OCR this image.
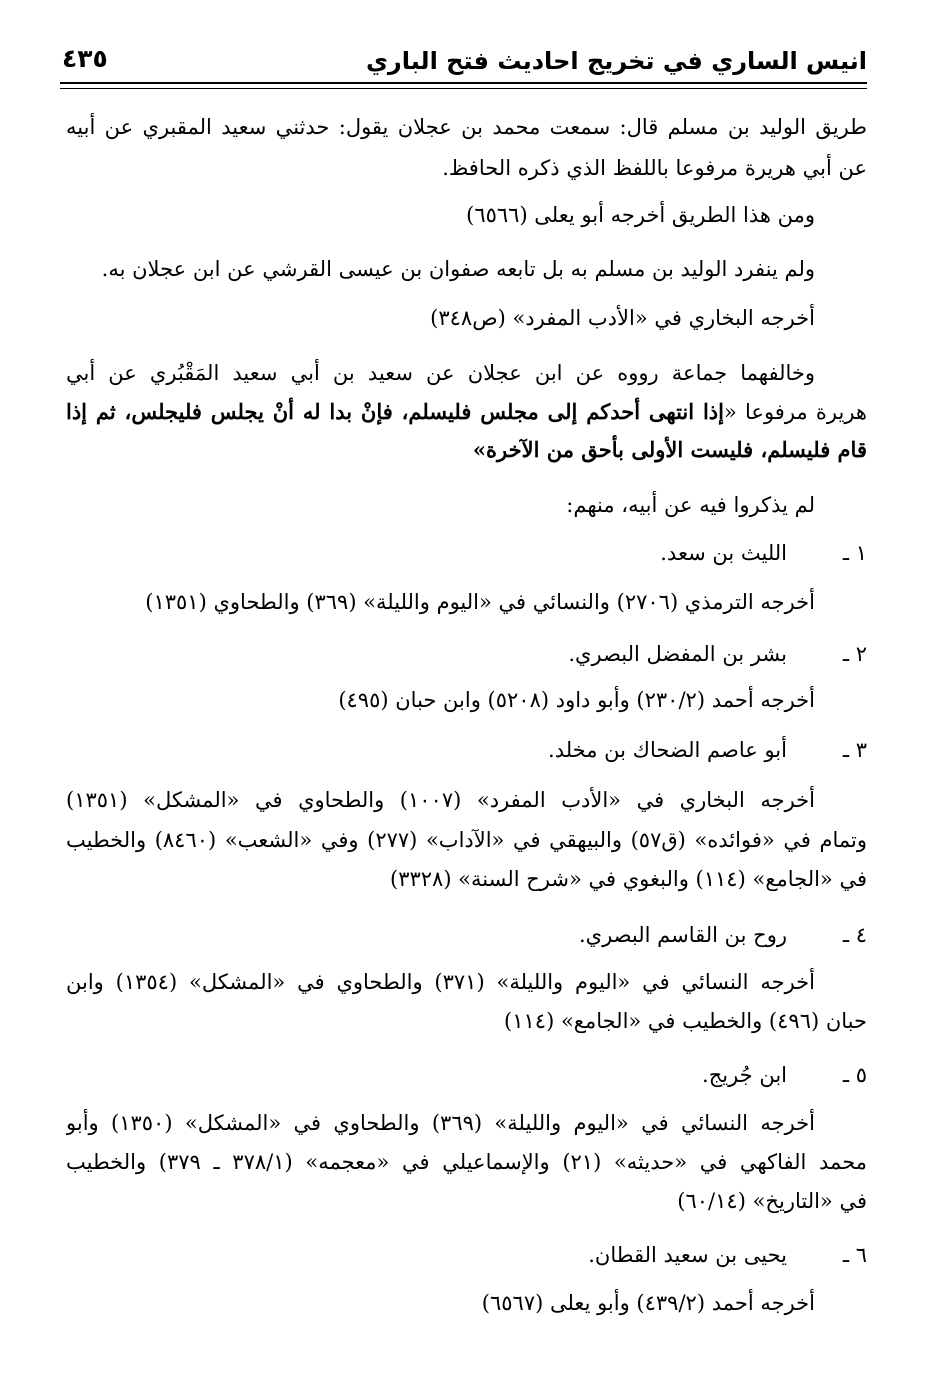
انيس الساري في تخريج احاديث فتح الباري
٤٣٥
طريق الوليد بن مسلم قال: سمعت محمد بن عجلان يقول: حدثني سعيد المقبري عن أبيه
عن أبي هريرة مرفوعا باللفظ الذي ذكره الحافظ.
ومن هذا الطريق أخرجه أبو يعلى (٦٥٦٦)
ولم ينفرد الوليد بن مسلم به بل تابعه صفوان بن عيسى القرشي عن ابن عجلان به.
أخرجه البخاري في «الأدب المفرد» (ص٣٤٨)
وخالفهما جماعة رووه عن ابن عجلان عن سعيد بن أبي سعيد المَقْبُري عن أبي
هريرة مرفوعا «إذا انتهى أحدكم إلى مجلس فليسلم، فإنْ بدا له أنْ يجلس فليجلس، ثم إذا
قام فليسلم، فليست الأولى بأحق من الآخرة»
لم يذكروا فيه عن أبيه، منهم:
١ ـ
الليث بن سعد.
أخرجه الترمذي (٢٧٠٦) والنسائي في «اليوم والليلة» (٣٦٩) والطحاوي (١٣٥١)
٢ ـ
بشر بن المفضل البصري.
أخرجه أحمد (٢٣٠/٢) وأبو داود (٥٢٠٨) وابن حبان (٤٩٥)
٣ ـ
أبو عاصم الضحاك بن مخلد.
أخرجه البخاري في «الأدب المفرد» (١٠٠٧) والطحاوي في «المشكل» (١٣٥١)
وتمام في «فوائده» (ق٥٧) والبيهقي في «الآداب» (٢٧٧) وفي «الشعب» (٨٤٦٠) والخطيب
في «الجامع» (١١٤) والبغوي في «شرح السنة» (٣٣٢٨)
٤ ـ
روح بن القاسم البصري.
أخرجه النسائي في «اليوم والليلة» (٣٧١) والطحاوي في «المشكل» (١٣٥٤) وابن
حبان (٤٩٦) والخطيب في «الجامع» (١١٤)
٥ ـ
ابن جُريج.
أخرجه النسائي في «اليوم والليلة» (٣٦٩) والطحاوي في «المشكل» (١٣٥٠) وأبو
محمد الفاكهي في «حديثه» (٢١) والإسماعيلي في «معجمه» (٣٧٨/١ ـ ٣٧٩) والخطيب
في «التاريخ» (٦٠/١٤)
٦ ـ
يحيى بن سعيد القطان.
أخرجه أحمد (٤٣٩/٢) وأبو يعلى (٦٥٦٧)
